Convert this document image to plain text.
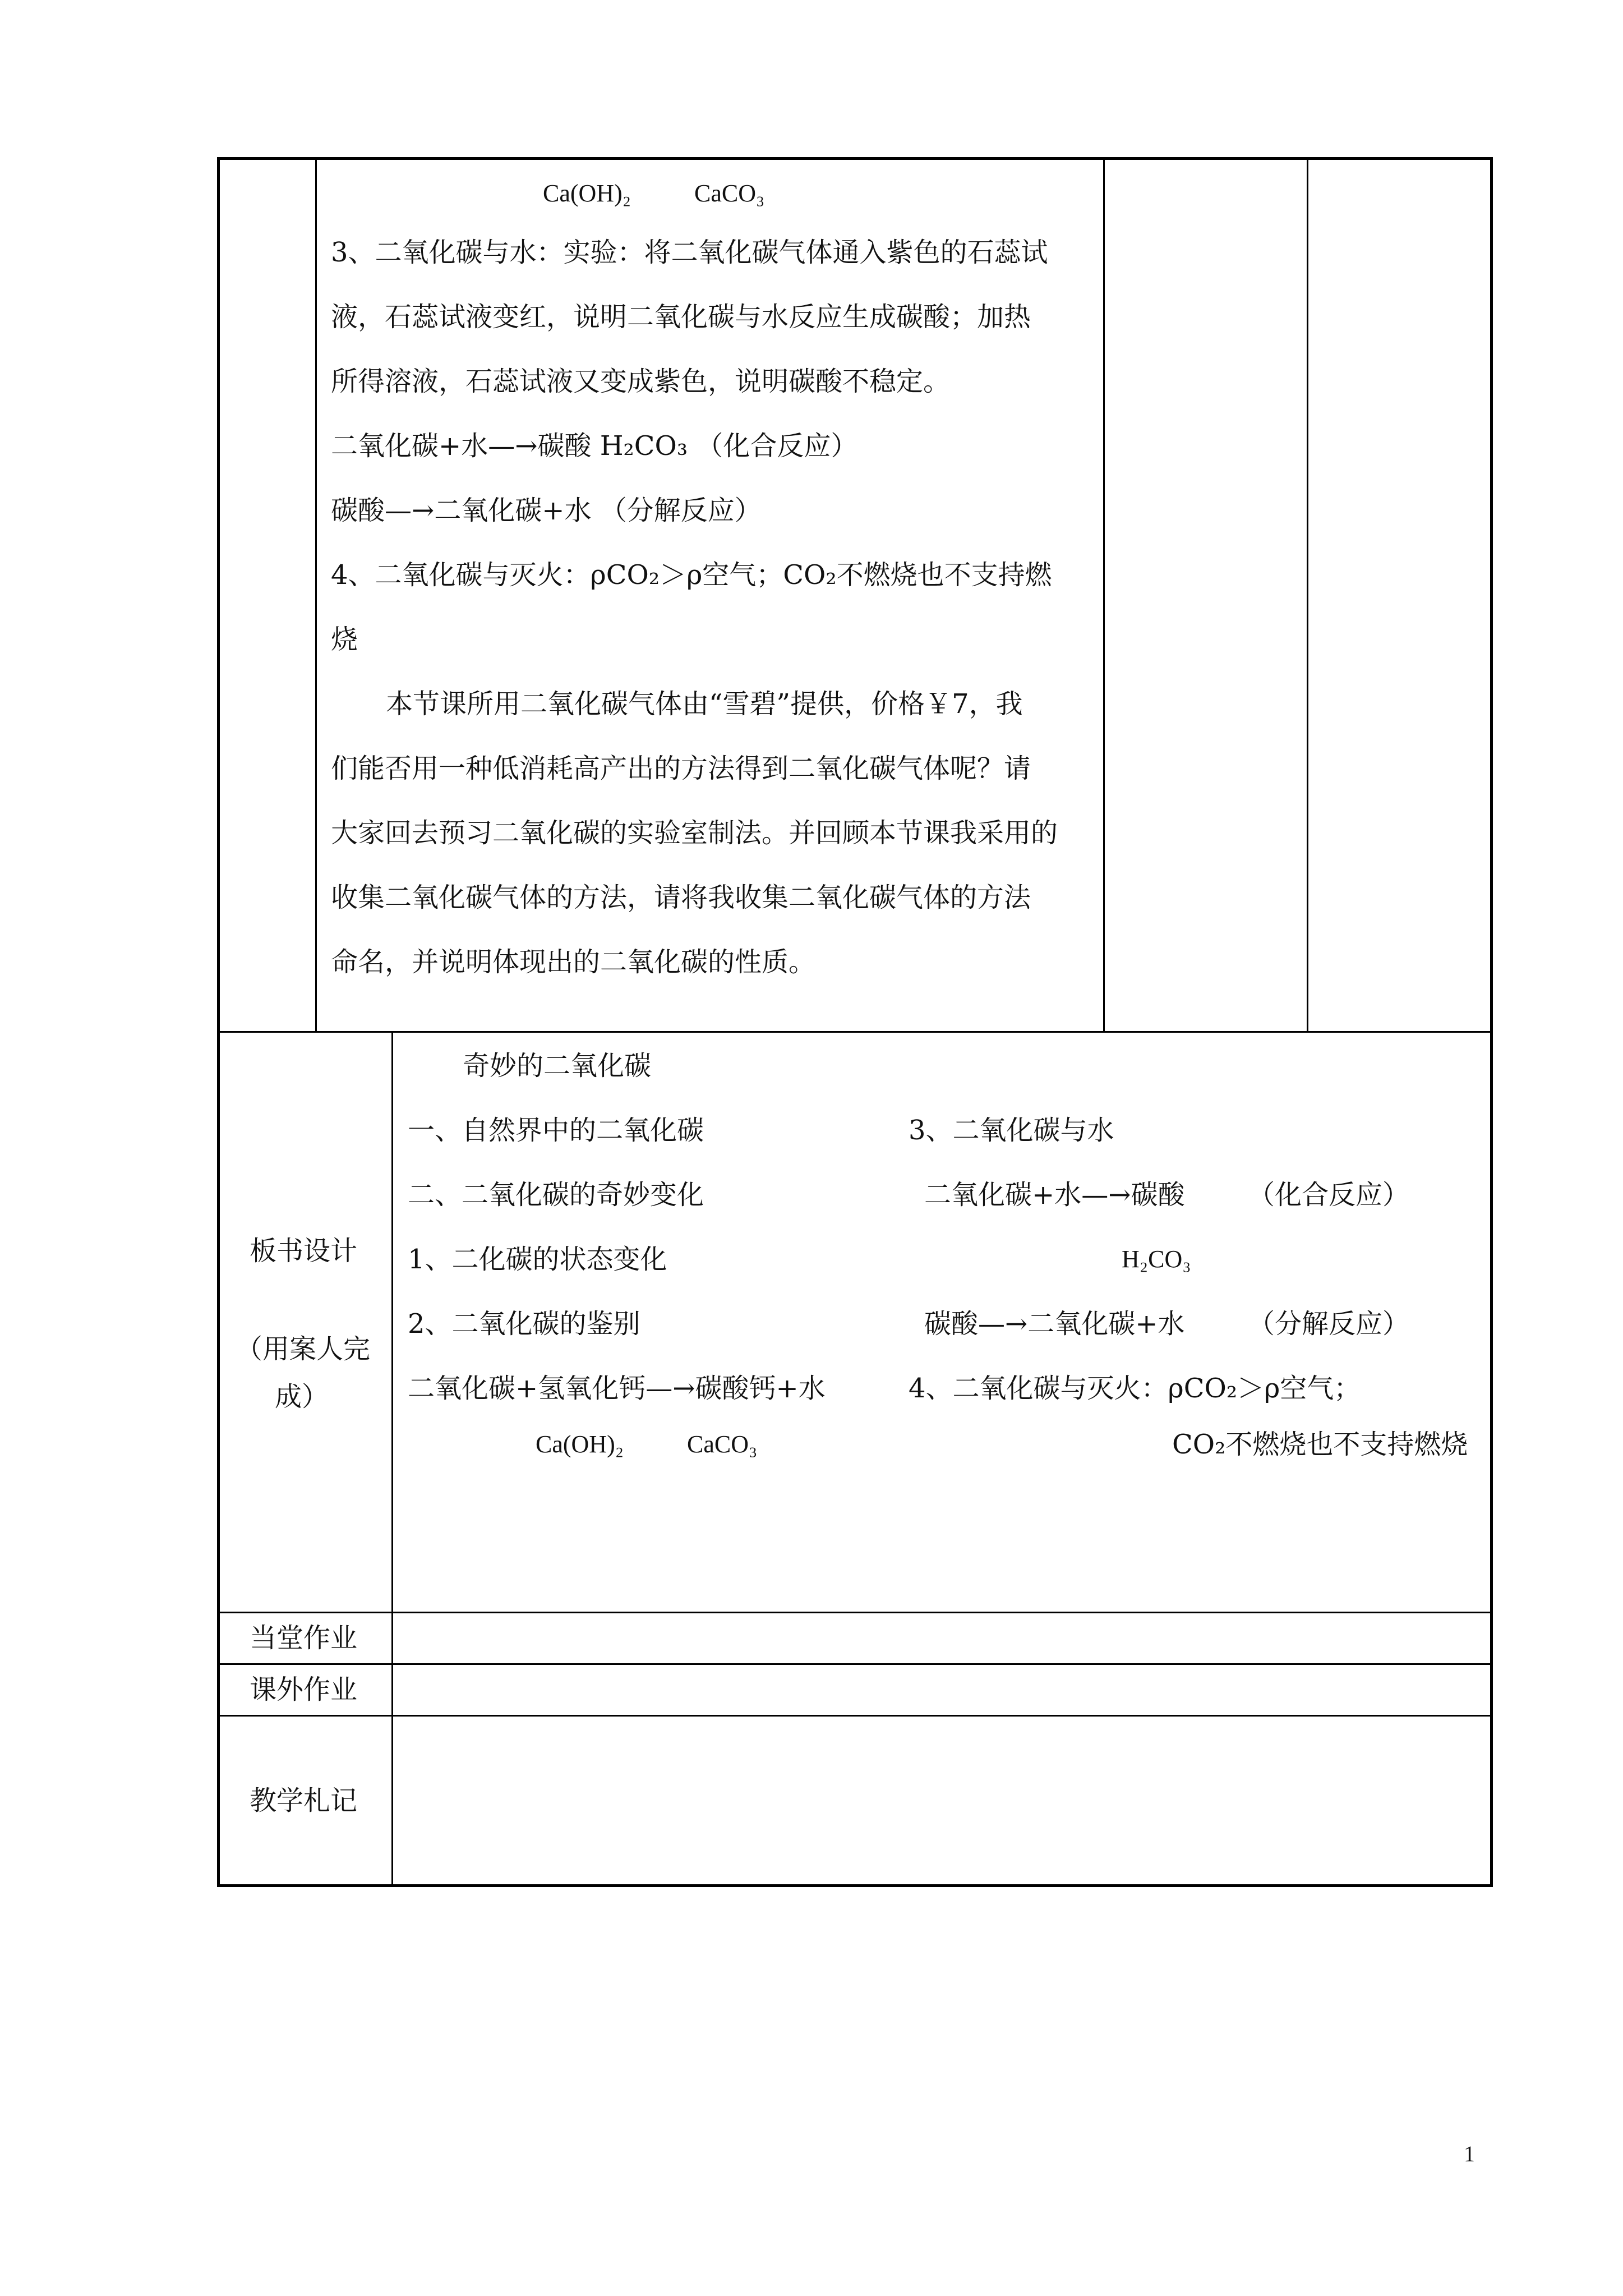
Ca(OH)₂	CaCO₃
3、二氧化碳与水：实验：将二氧化碳气体通入紫色的石蕊试
液，石蕊试液变红，说明二氧化碳与水反应生成碳酸；加热
所得溶液，石蕊试液又变成紫色，说明碳酸不稳定。
二氧化碳+水—→碳酸 H₂CO₃ （化合反应）
碳酸—→二氧化碳+水 （分解反应）
4、二氧化碳与灭火：ρCO₂＞ρ空气；CO₂不燃烧也不支持燃
烧
本节课所用二氧化碳气体由“雪碧”提供，价格￥7，我
们能否用一种低消耗高产出的方法得到二氧化碳气体呢？请
大家回去预习二氧化碳的实验室制法。并回顾本节课我采用的
收集二氧化碳气体的方法，请将我收集二氧化碳气体的方法
命名，并说明体现出的二氧化碳的性质。
板书设计
（用案人完
成）
奇妙的二氧化碳
一、自然界中的二氧化碳
二、二氧化碳的奇妙变化
1、二化碳的状态变化
2、二氧化碳的鉴别
二氧化碳+氢氧化钙—→碳酸钙+水
Ca(OH)₂	CaCO₃
3、二氧化碳与水
二氧化碳+水—→碳酸 （化合反应）
H₂CO₃
碳酸—→二氧化碳+水 （分解反应）
4、二氧化碳与灭火：ρCO₂＞ρ空气；
CO₂不燃烧也不支持燃烧
当堂作业
课外作业
教学札记
1
